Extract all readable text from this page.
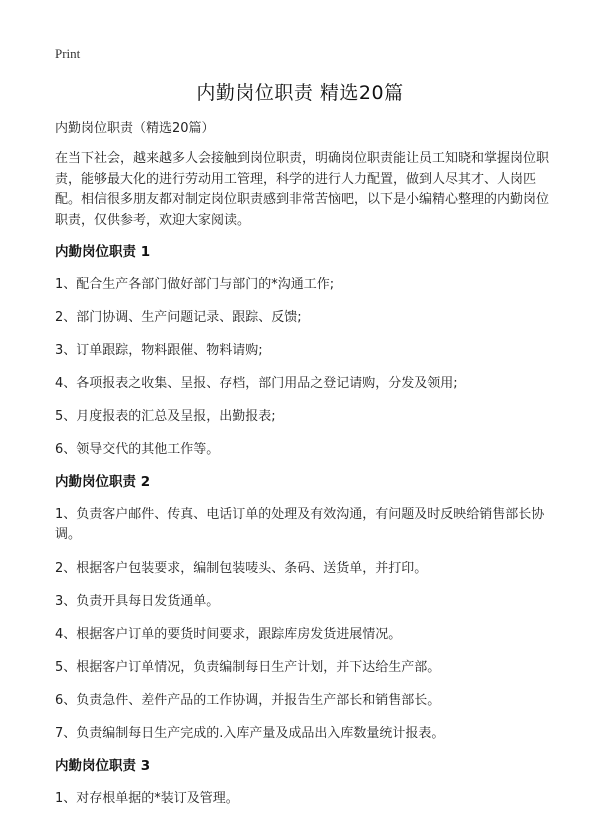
Print
内勤岗位职责 精选20篇

内勤岗位职责（精选20篇）

在当下社会，越来越多人会接触到岗位职责，明确岗位职责能让员工知晓和掌握岗位职责，能够最大化的进行劳动用工管理，科学的进行人力配置，做到人尽其才、人岗匹配。相信很多朋友都对制定岗位职责感到非常苦恼吧，以下是小编精心整理的内勤岗位职责，仅供参考，欢迎大家阅读。

内勤岗位职责 1

1、配合生产各部门做好部门与部门的*沟通工作;

2、部门协调、生产问题记录、跟踪、反馈;

3、订单跟踪，物料跟催、物料请购;

4、各项报表之收集、呈报、存档，部门用品之登记请购，分发及领用;

5、月度报表的汇总及呈报，出勤报表;

6、领导交代的其他工作等。

内勤岗位职责 2

1、负责客户邮件、传真、电话订单的处理及有效沟通，有问题及时反映给销售部长协调。

2、根据客户包装要求，编制包装唛头、条码、送货单，并打印。

3、负责开具每日发货通单。

4、根据客户订单的要货时间要求，跟踪库房发货进展情况。

5、根据客户订单情况，负责编制每日生产计划，并下达给生产部。

6、负责急件、差件产品的工作协调，并报告生产部长和销售部长。

7、负责编制每日生产完成的.入库产量及成品出入库数量统计报表。

内勤岗位职责 3

1、对存根单据的*装订及管理。
